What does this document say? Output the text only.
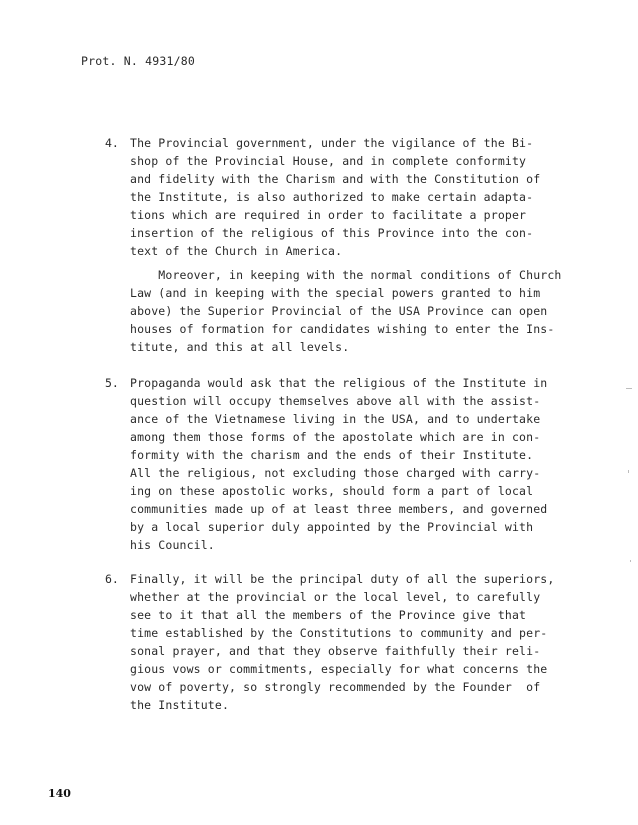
Prot. N. 4931/80
4. The Provincial government, under the vigilance of the Bi-
shop of the Provincial House, and in complete conformity
and fidelity with the Charism and with the Constitution of
the Institute, is also authorized to make certain adapta-
tions which are required in order to facilitate a proper
insertion of the religious of this Province into the con-
text of the Church in America.
Moreover, in keeping with the normal conditions of Church
Law (and in keeping with the special powers granted to him
above) the Superior Provincial of the USA Province can open
houses of formation for candidates wishing to enter the Ins-
titute, and this at all levels.
5. Propaganda would ask that the religious of the Institute in
question will occupy themselves above all with the assist-
ance of the Vietnamese living in the USA, and to undertake
among them those forms of the apostolate which are in con-
formity with the charism and the ends of their Institute.
All the religious, not excluding those charged with carry-
ing on these apostolic works, should form a part of local
communities made up of at least three members, and governed
by a local superior duly appointed by the Provincial with
his Council.
6. Finally, it will be the principal duty of all the superiors,
whether at the provincial or the local level, to carefully
see to it that all the members of the Province give that
time established by the Constitutions to community and per-
sonal prayer, and that they observe faithfully their reli-
gious vows or commitments, especially for what concerns the
vow of poverty, so strongly recommended by the Founder  of
the Institute.
140
